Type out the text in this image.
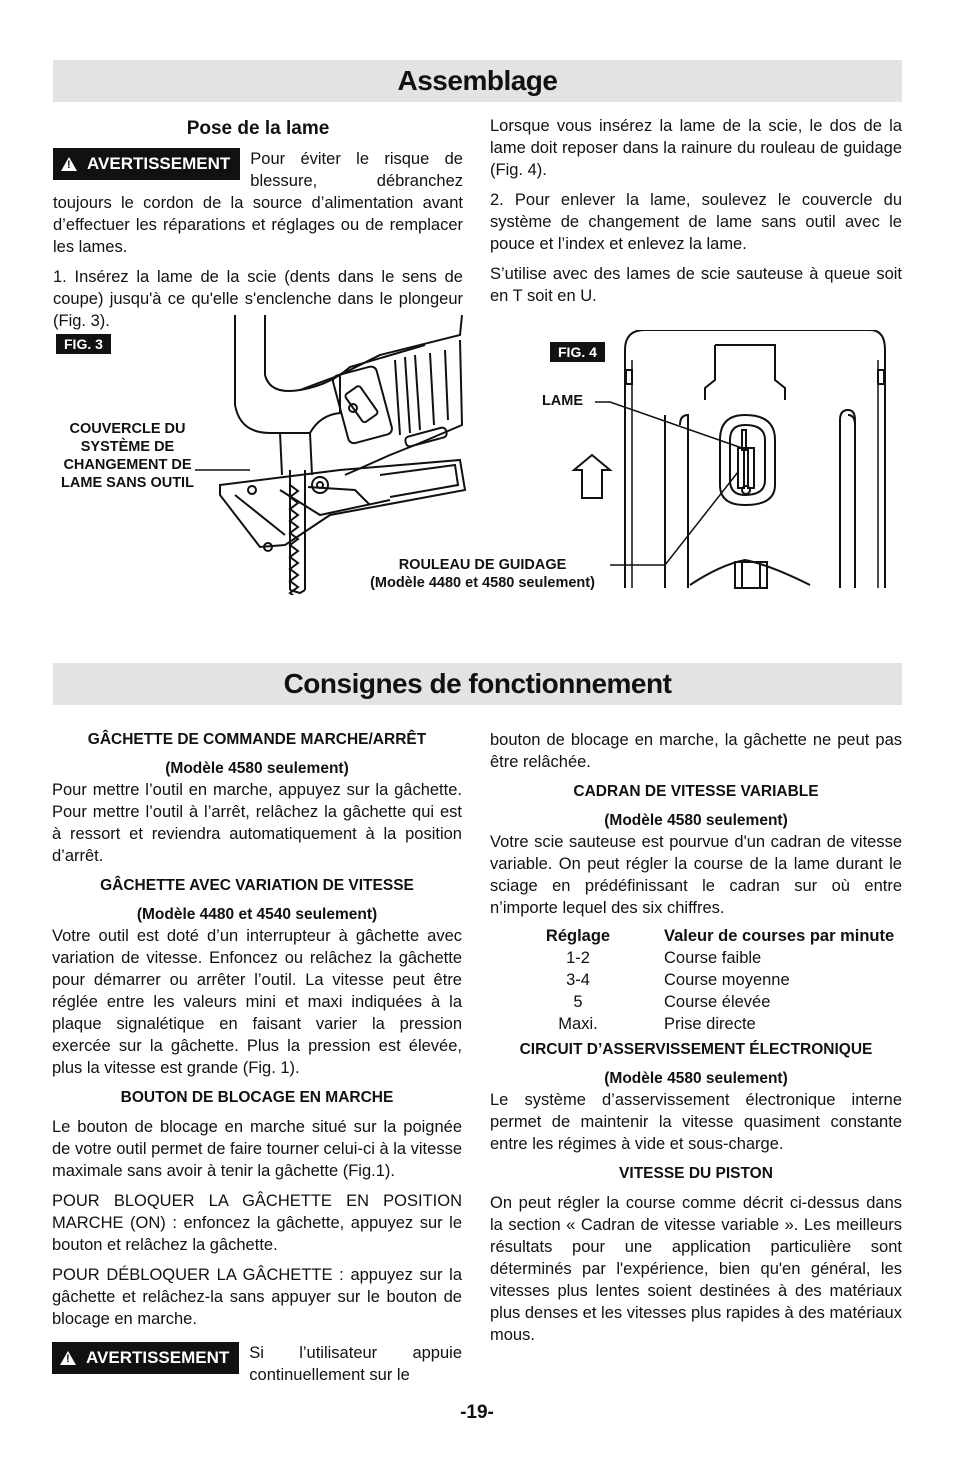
Assemblage

Pose de la lame

! AVERTISSEMENT Pour éviter le risque de blessure, débranchez toujours le cordon de la source d’alimentation avant d’effectuer les réparations et réglages ou de remplacer les lames.

1. Insérez la lame de la scie (dents dans le sens de coupe) jusqu'à ce qu'elle s'enclenche dans le plongeur (Fig. 3).

Lorsque vous insérez la lame de la scie, le dos de la lame doit reposer dans la rainure du rouleau de guidage (Fig. 4).

2. Pour enlever la lame, soulevez le couvercle du système de changement de lame sans outil avec le pouce et l’index et enlevez la lame.

S’utilise avec des lames de scie sauteuse à queue soit en T soit en U.

FIG. 3
COUVERCLE DU SYSTÈME DE CHANGEMENT DE LAME SANS OUTIL
FIG. 4
LAME
ROULEAU DE GUIDAGE
(Modèle 4480 et 4580 seulement)
Consignes de fonctionnement

GÂCHETTE DE COMMANDE MARCHE/ARRÊT

(Modèle 4580 seulement)

Pour mettre l’outil en marche, appuyez sur la gâchette. Pour mettre l’outil à l’arrêt, relâchez la gâchette qui est à ressort et reviendra automatiquement à la position d’arrêt.

GÂCHETTE AVEC VARIATION DE VITESSE

(Modèle 4480 et 4540 seulement)

Votre outil est doté d’un interrupteur à gâchette avec variation de vitesse. Enfoncez ou relâchez la gâchette pour démarrer ou arrêter l’outil. La vitesse peut être réglée entre les valeurs mini et maxi indiquées à la plaque signalétique en faisant varier la pression exercée sur la gâchette. Plus la pression est élevée, plus la vitesse est grande (Fig. 1).

BOUTON DE BLOCAGE EN MARCHE

Le bouton de blocage en marche situé sur la poignée de votre outil permet de faire tourner celui-ci à la vitesse maximale sans avoir à tenir la gâchette (Fig.1).

POUR BLOQUER LA GÂCHETTE EN POSITION MARCHE (ON) : enfoncez la gâchette, appuyez sur le bouton et relâchez la gâchette.

POUR DÉBLOQUER LA GÂCHETTE : appuyez sur la gâchette et relâchez-la sans appuyer sur le bouton de blocage en marche.

! AVERTISSEMENT Si l’utilisateur appuie continuellement sur le

bouton de blocage en marche, la gâchette ne peut pas être relâchée.

CADRAN DE VITESSE VARIABLE

(Modèle 4580 seulement)

Votre scie sauteuse est pourvue d'un cadran de vitesse variable. On peut régler la course de la lame durant le sciage en prédéfinissant le cadran sur où entre n’importe lequel des six chiffres.

Réglage	Valeur de courses par minute
1-2	Course faible
3-4	Course moyenne
5	Course élevée
Maxi.	Prise directe

CIRCUIT D’ASSERVISSEMENT ÉLECTRONIQUE

(Modèle 4580 seulement)

Le système d’asservissement électronique interne permet de maintenir la vitesse quasiment constante entre les régimes à vide et sous-charge.

VITESSE DU PISTON

On peut régler la course comme décrit ci-dessus dans la section « Cadran de vitesse variable ». Les meilleurs résultats pour une application particulière sont déterminés par l'expérience, bien qu'en général, les vitesses plus lentes soient destinées à des matériaux plus denses et les vitesses plus rapides à des matériaux mous.

-19-
